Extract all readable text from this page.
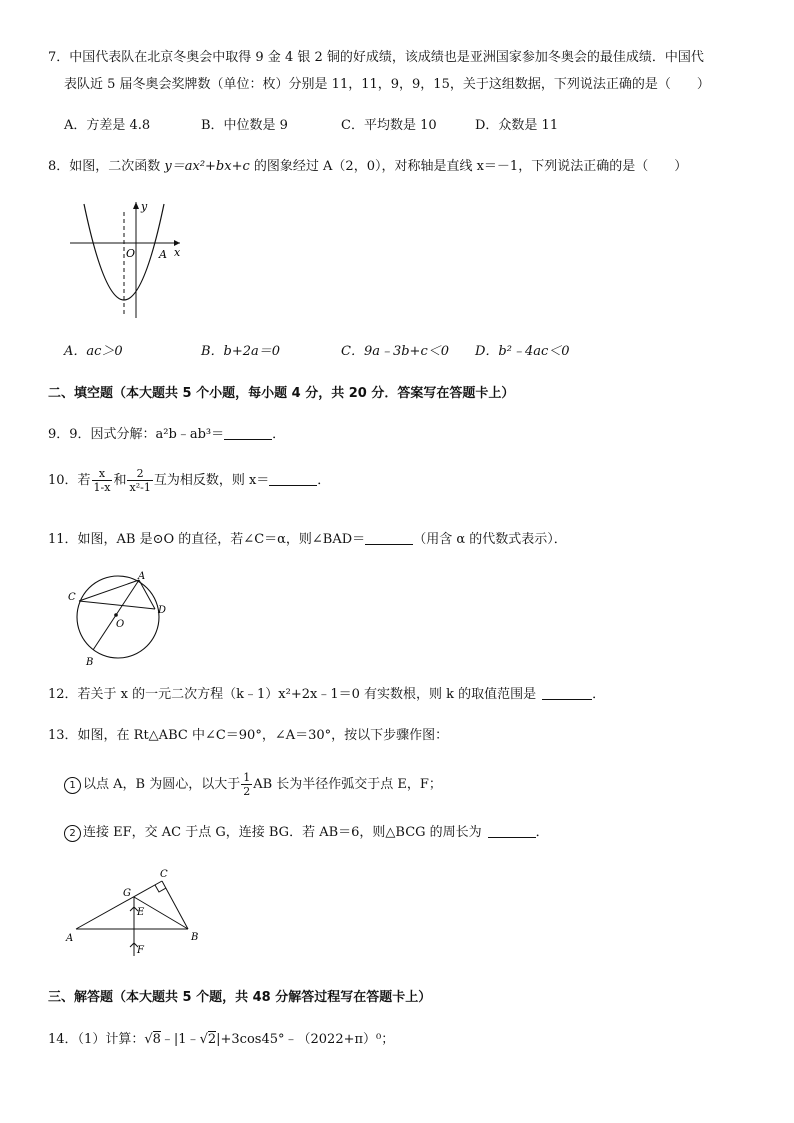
7．中国代表队在北京冬奥会中取得 9 金 4 银 2 铜的好成绩，该成绩也是亚洲国家参加冬奥会的最佳成绩．中国代
表队近 5 届冬奥会奖牌数（单位：枚）分别是 11，11，9，9，15，关于这组数据，下列说法正确的是（　　）
A．方差是 4.8	B．中位数是 9	C．平均数是 10	D．众数是 11
8．如图，二次函数 y＝ax²+bx+c 的图象经过 A（2，0），对称轴是直线 x＝－1，下列说法正确的是（　　）
y
x
O A
A．ac＞0	B．b+2a＝0	C．9a﹣3b+c＜0 D．b²﹣4ac＜0
二、填空题（本大题共 5 个小题，每小题 4 分，共 20 分．答案写在答题卡上）
9．9．因式分解：a²b﹣ab³＝	．
10．若 $\frac{x}{1-x}$ 和 $\frac{2}{\text{x²-1}}$ 互为相反数，则 x＝	．
11．如图，AB 是⊙O 的直径，若∠C＝α，则∠BAD＝	（用含 α 的代数式表示）．
A
B
C
D
O
12．若关于 x 的一元二次方程（k﹣1）x²+2x﹣1＝0 有实数根，则 k 的取值范围是	．
13．如图，在 Rt△ABC 中∠C＝90°，∠A＝30°，按以下步骤作图：
1 以点 A，B 为圆心，以大于 $\frac{1}{2}$ AB 长为半径作弧交于点 E，F；
2 连接 EF，交 AC 于点 G，连接 BG．若 AB＝6，则△BCG 的周长为	．
A	B
C
G
E
F
三、解答题（本大题共 5 个题，共 48 分解答过程写在答题卡上）
14．（1）计算：√8﹣|1﹣√2|+3cos45°﹣（2022+π）⁰；
